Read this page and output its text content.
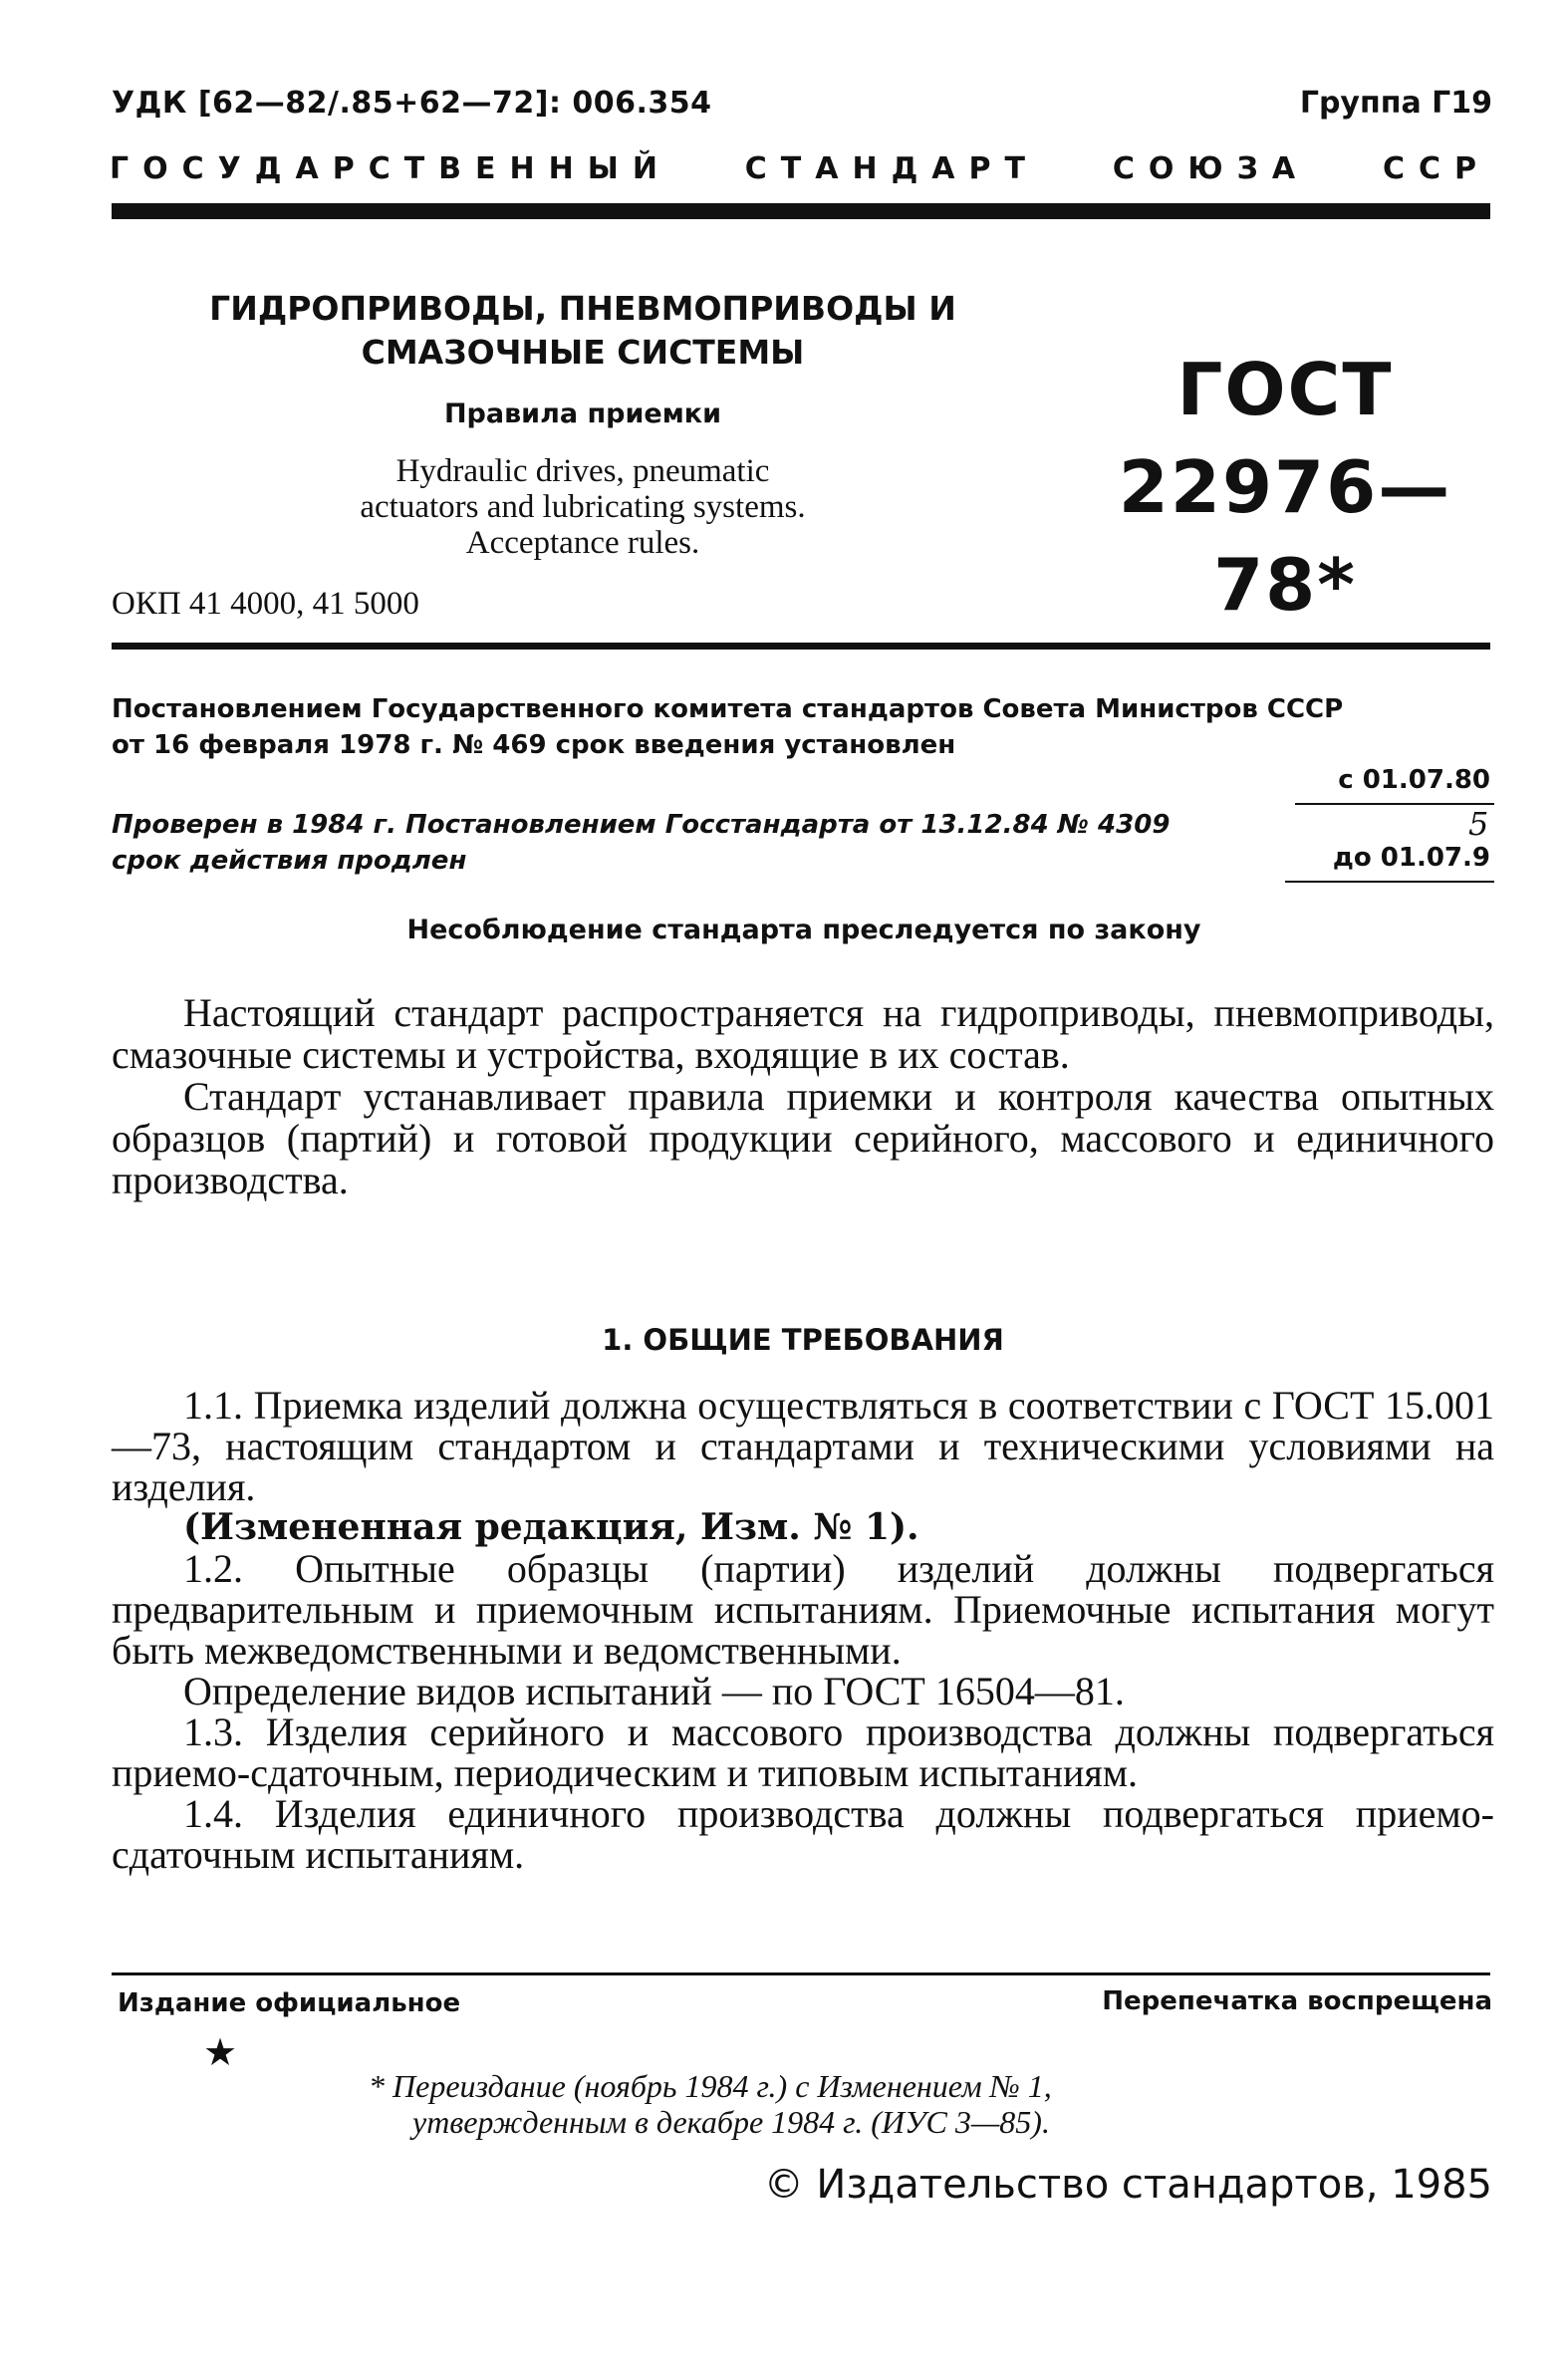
УДК [62—82/.85+62—72]: 006.354	Группа Г19
ГОСУДАРСТВЕННЫЙ СТАНДАРТ СОЮЗА ССР
ГИДРОПРИВОДЫ, ПНЕВМОПРИВОДЫ И
СМАЗОЧНЫЕ СИСТЕМЫ
Правила приемки
Hydraulic drives, pneumatic
actuators and lubricating systems.
Acceptance rules.
ГОСТ
22976—78*
ОКП 41 4000, 41 5000
Постановлением Государственного комитета стандартов Совета Министров СССР
от 16 февраля 1978 г. № 469 срок введения установлен
с 01.07.80
Проверен в 1984 г. Постановлением Госстандарта от 13.12.84 № 4309
срок действия продлен
5
до 01.07.9
Несоблюдение стандарта преследуется по закону

Настоящий стандарт распространяется на гидроприводы, пневмоприводы, смазочные системы и устройства, входящие в их состав.

Стандарт устанавливает правила приемки и контроля качества опытных образцов (партий) и готовой продукции серийного, массового и единичного производства.

1. ОБЩИЕ ТРЕБОВАНИЯ

1.1. Приемка изделий должна осуществляться в соответствии с ГОСТ 15.001—73, настоящим стандартом и стандартами и техническими условиями на изделия.

(Измененная редакция, Изм. № 1).

1.2. Опытные образцы (партии) изделий должны подвергаться предварительным и приемочным испытаниям. Приемочные испытания могут быть межведомственными и ведомственными.

Определение видов испытаний — по ГОСТ 16504—81.

1.3. Изделия серийного и массового производства должны подвергаться приемо-сдаточным, периодическим и типовым испытаниям.

1.4. Изделия единичного производства должны подвергаться приемо-сдаточным испытаниям.

Издание официальное	Перепечатка воспрещена
★
* Переиздание (ноябрь 1984 г.) с Изменением № 1,
утвержденным в декабре 1984 г. (ИУС 3—85).
© Издательство стандартов, 1985
